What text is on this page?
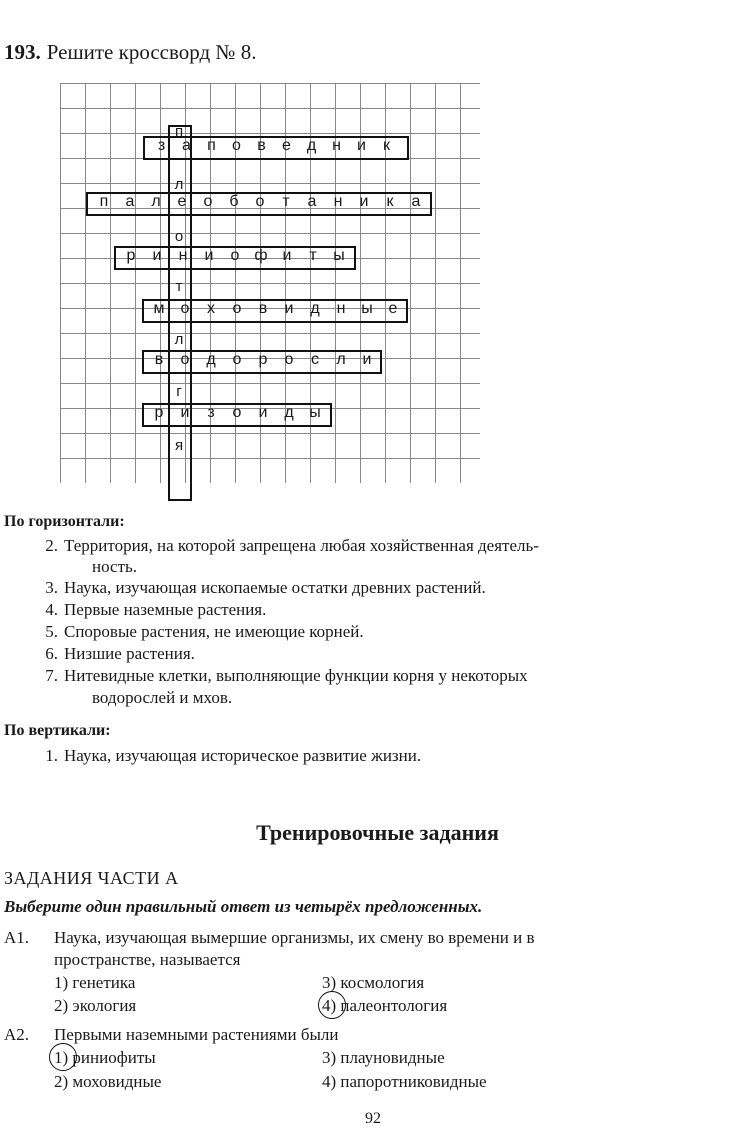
193. Решите кроссворд № 8.
п
л
о
т
л
г
я
з	а	п	о	в	е д н	и	к
п	а	л	е	о	б	о	т	а	н	и	к	а
р	и	н	и	о ф и	т	ы
м	о	х	о	в	и	д	н ы е
в	о	д	о	р	о	с	л	и
р	и	з	о	и	д ы
По горизонтали:
2. Территория, на которой запрещена любая хозяйственная деятель-
ность.
3. Наука, изучающая ископаемые остатки древних растений.
4. Первые наземные растения.
5. Споровые растения, не имеющие корней.
6. Низшие растения.
7. Нитевидные клетки, выполняющие функции корня у некоторых
водорослей и мхов.
По вертикали:
1. Наука, изучающая историческое развитие жизни.
Тренировочные задания
ЗАДАНИЯ ЧАСТИ А
Выберите один правильный ответ из четырёх предложенных.
А1. Наука, изучающая вымершие организмы, их смену во времени и в
пространстве, называется
1) генетика
2) экология
3) космология
4) палеонтология
А2. Первыми наземными растениями были
1) риниофиты
2) моховидные
3) плауновидные
4) папоротниковидные
92
